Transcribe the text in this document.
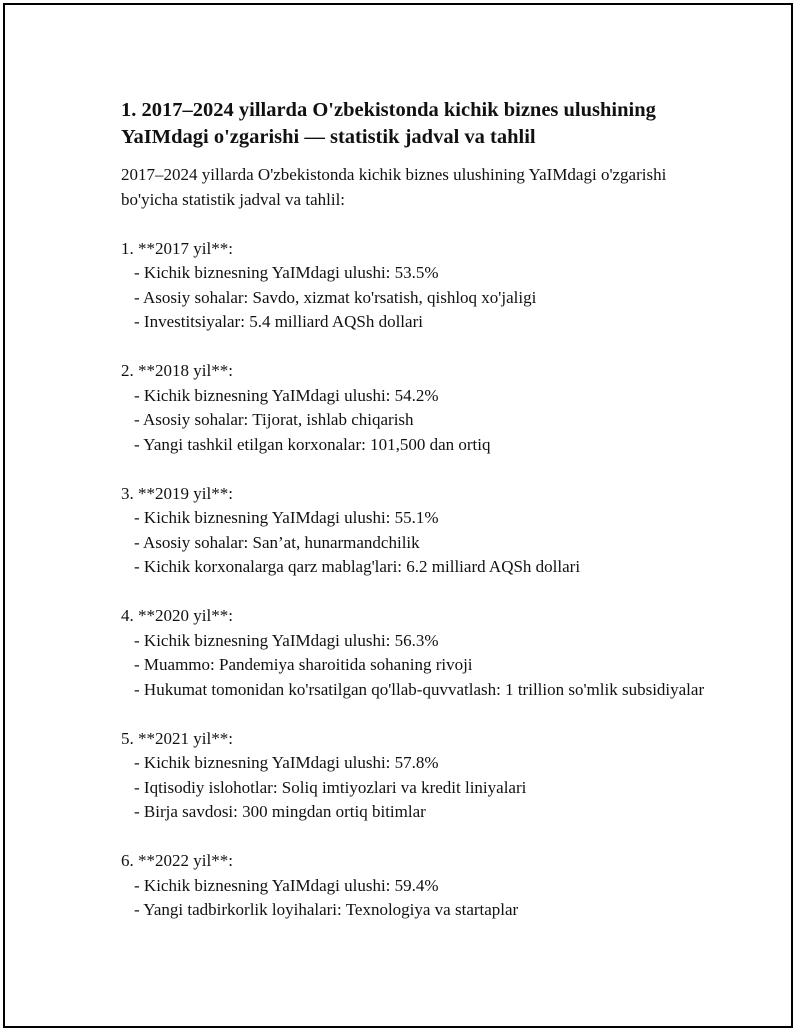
1. 2017–2024 yillarda O'zbekistonda kichik biznes ulushining YaIMdagi o'zgarishi — statistik jadval va tahlil

2017–2024 yillarda O'zbekistonda kichik biznes ulushining YaIMdagi o'zgarishi bo'yicha statistik jadval va tahlil:

1. **2017 yil**:
- Kichik biznesning YaIMdagi ulushi: 53.5%
- Asosiy sohalar: Savdo, xizmat ko'rsatish, qishloq xo'jaligi
- Investitsiyalar: 5.4 milliard AQSh dollari
2. **2018 yil**:
- Kichik biznesning YaIMdagi ulushi: 54.2%
- Asosiy sohalar: Tijorat, ishlab chiqarish
- Yangi tashkil etilgan korxonalar: 101,500 dan ortiq
3. **2019 yil**:
- Kichik biznesning YaIMdagi ulushi: 55.1%
- Asosiy sohalar: San’at, hunarmandchilik
- Kichik korxonalarga qarz mablag'lari: 6.2 milliard AQSh dollari
4. **2020 yil**:
- Kichik biznesning YaIMdagi ulushi: 56.3%
- Muammo: Pandemiya sharoitida sohaning rivoji
- Hukumat tomonidan ko'rsatilgan qo'llab-quvvatlash: 1 trillion so'mlik subsidiyalar
5. **2021 yil**:
- Kichik biznesning YaIMdagi ulushi: 57.8%
- Iqtisodiy islohotlar: Soliq imtiyozlari va kredit liniyalari
- Birja savdosi: 300 mingdan ortiq bitimlar
6. **2022 yil**:
- Kichik biznesning YaIMdagi ulushi: 59.4%
- Yangi tadbirkorlik loyihalari: Texnologiya va startaplar
